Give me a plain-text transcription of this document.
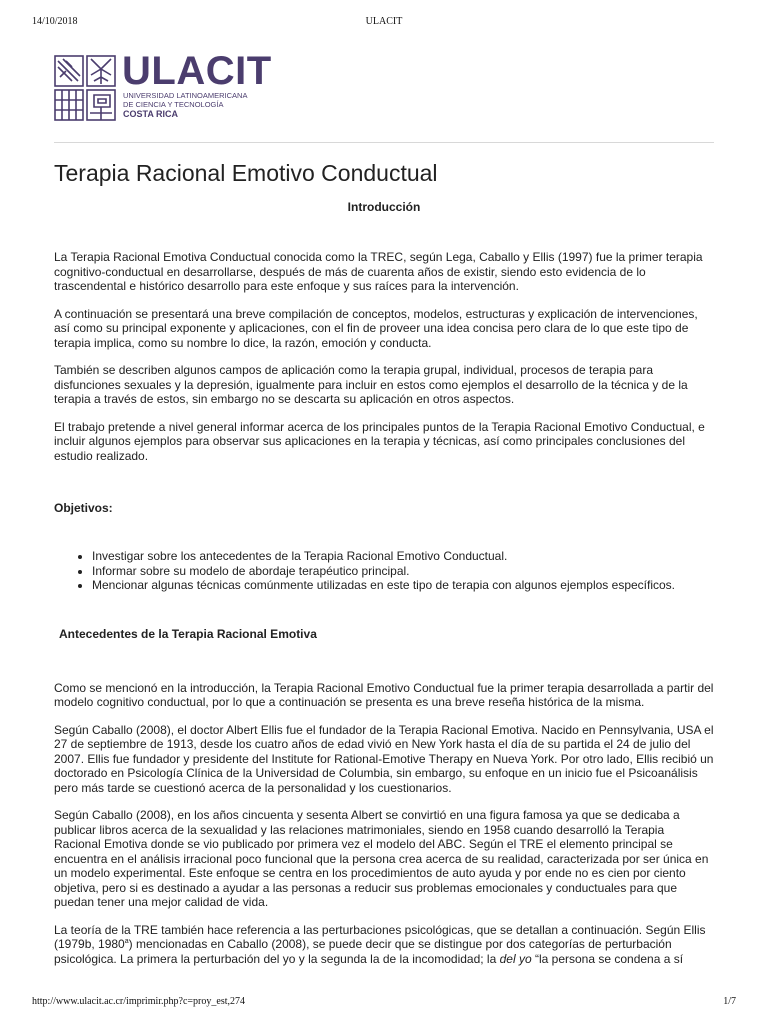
14/10/2018	ULACIT
ULACIT
UNIVERSIDAD LATINOAMERICANA
DE CIENCIA Y TECNOLOGÍA
COSTA RICA
Terapia Racional Emotivo Conductual
Introducción

La Terapia Racional Emotiva Conductual conocida como la TREC, según Lega, Caballo y Ellis (1997) fue la primer terapia cognitivo-conductual en desarrollarse, después de más de cuarenta años de existir, siendo esto evidencia de lo trascendental e histórico desarrollo para este enfoque y sus raíces para la intervención.

A continuación se presentará una breve compilación de conceptos, modelos, estructuras y explicación de intervenciones, así como su principal exponente y aplicaciones, con el fin de proveer una idea concisa pero clara de lo que este tipo de terapia implica, como su nombre lo dice, la razón, emoción y conducta.

También se describen algunos campos de aplicación como la terapia grupal, individual, procesos de terapia para disfunciones sexuales y la depresión, igualmente para incluir en estos como ejemplos el desarrollo de la técnica y de la terapia a través de estos, sin embargo no se descarta su aplicación en otros aspectos.

El trabajo pretende a nivel general informar acerca de los principales puntos de la Terapia Racional Emotivo Conductual, e incluir algunos ejemplos para observar sus aplicaciones en la terapia y técnicas, así como principales conclusiones del estudio realizado.

Objetivos:
• Investigar sobre los antecedentes de la Terapia Racional Emotivo Conductual.
• Informar sobre su modelo de abordaje terapéutico principal.
• Mencionar algunas técnicas comúnmente utilizadas en este tipo de terapia con algunos ejemplos específicos.
Antecedentes de la Terapia Racional Emotiva

Como se mencionó en la introducción, la Terapia Racional Emotivo Conductual fue la primer terapia desarrollada a partir del modelo cognitivo conductual, por lo que a continuación se presenta es una breve reseña histórica de la misma.

Según Caballo (2008), el doctor Albert Ellis fue el fundador de la Terapia Racional Emotiva. Nacido en Pennsylvania, USA el 27 de septiembre de 1913, desde los cuatro años de edad vivió en New York hasta el día de su partida el 24 de julio del 2007. Ellis fue fundador y presidente del Institute for Rational-Emotive Therapy en Nueva York. Por otro lado, Ellis recibió un doctorado en Psicología Clínica de la Universidad de Columbia, sin embargo, su enfoque en un inicio fue el Psicoanálisis pero más tarde se cuestionó acerca de la personalidad y los cuestionarios.

Según Caballo (2008), en los años cincuenta y sesenta Albert se convirtió en una figura famosa ya que se dedicaba a publicar libros acerca de la sexualidad y las relaciones matrimoniales, siendo en 1958 cuando desarrolló la Terapia Racional Emotiva donde se vio publicado por primera vez el modelo del ABC. Según el TRE el elemento principal se encuentra en el análisis irracional poco funcional que la persona crea acerca de su realidad, caracterizada por ser única en un modelo experimental. Este enfoque se centra en los procedimientos de auto ayuda y por ende no es cien por ciento objetiva, pero si es destinado a ayudar a las personas a reducir sus problemas emocionales y conductuales para que puedan tener una mejor calidad de vida.

La teoría de la TRE también hace referencia a las perturbaciones psicológicas, que se detallan a continuación. Según Ellis (1979b, 1980$^a$) mencionadas en Caballo (2008), se puede decir que se distingue por dos categorías de perturbación psicológica. La primera la perturbación del yo y la segunda la de la incomodidad; la del yo “la persona se condena a sí

http://www.ulacit.ac.cr/imprimir.php?c=proy_est,274	1/7
